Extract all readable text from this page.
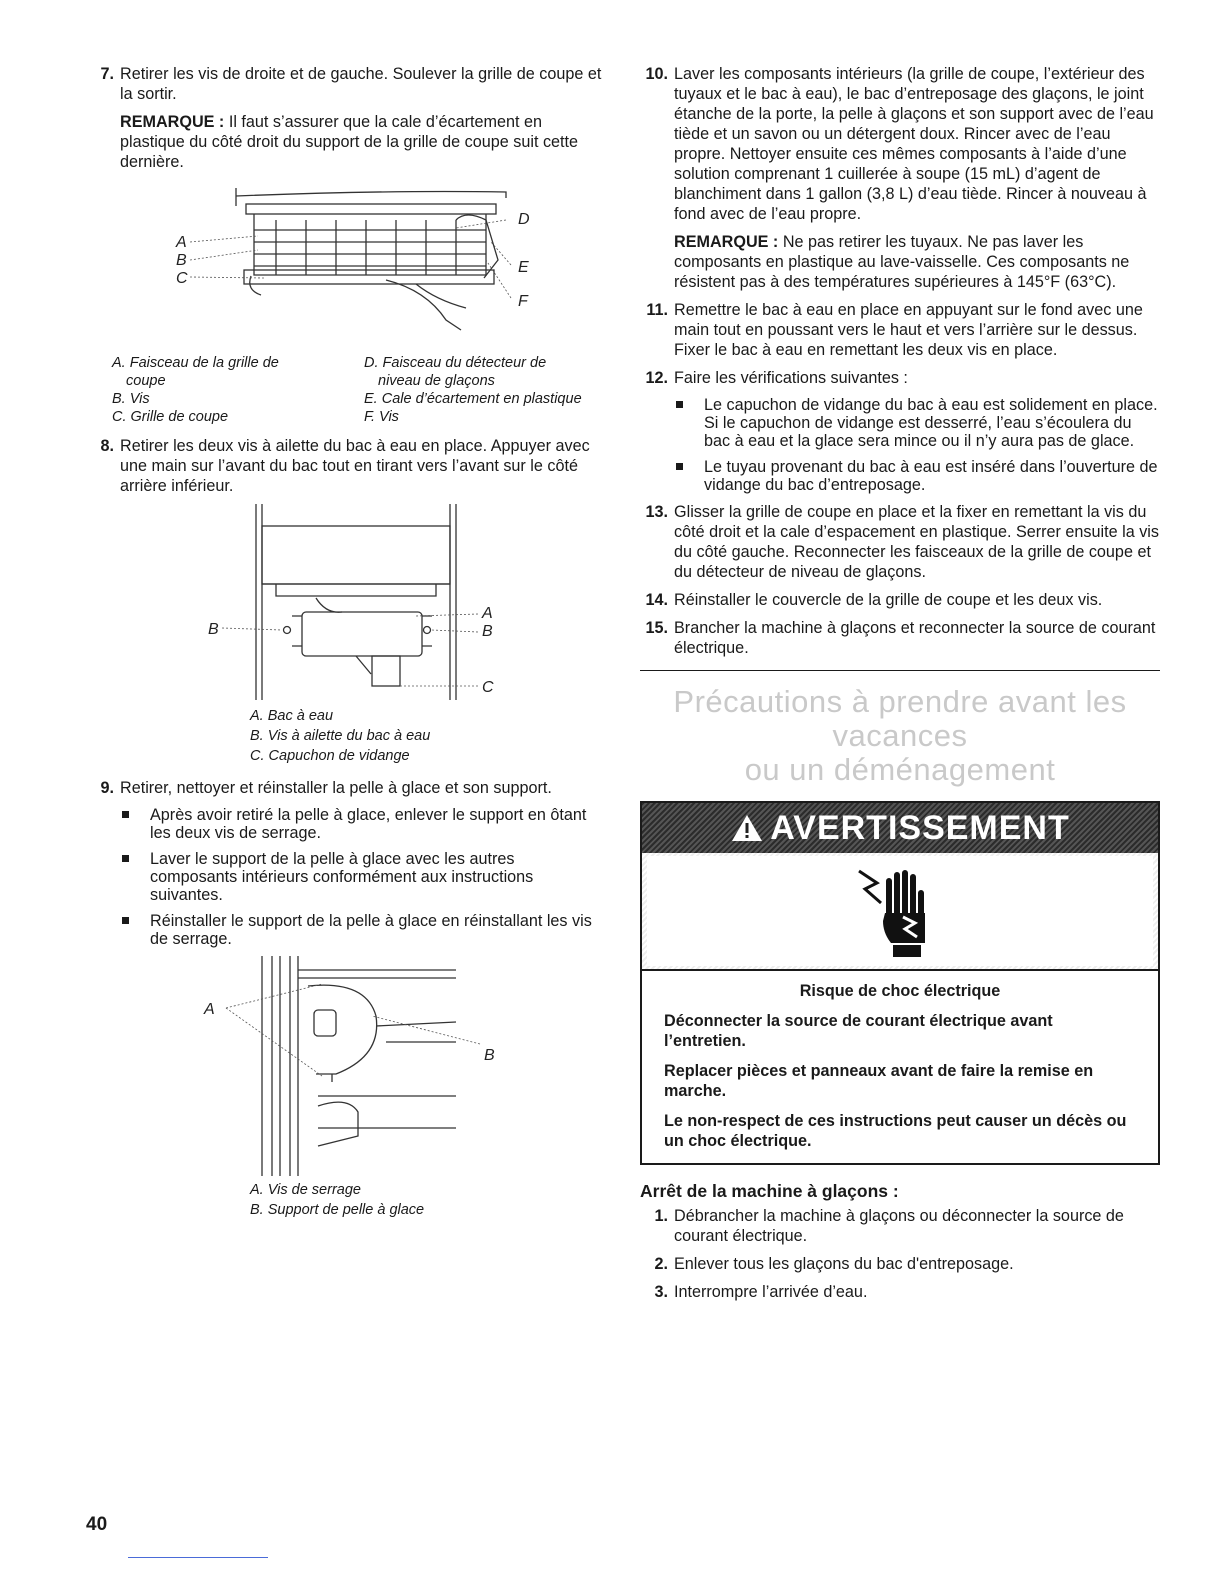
7. Retirer les vis de droite et de gauche. Soulever la grille de coupe et la sortir.

REMARQUE : Il faut s’assurer que la cale d’écartement en plastique du côté droit du support de la grille de coupe suit cette dernière.

A
B
C
D
E
F
A. Faisceau de la grille de
coupe
D. Faisceau du détecteur de
niveau de glaçons
B. Vis	E. Cale d’écartement en plastique
C. Grille de coupe	F. Vis
8. Retirer les deux vis à ailette du bac à eau en place. Appuyer avec une main sur l’avant du bac tout en tirant vers l’avant sur le côté arrière inférieur.
B
A
B
C
A. Bac à eau
B. Vis à ailette du bac à eau
C. Capuchon de vidange
9. Retirer, nettoyer et réinstaller la pelle à glace et son support.
Après avoir retiré la pelle à glace, enlever le support en ôtant les deux vis de serrage.
Laver le support de la pelle à glace avec les autres composants intérieurs conformément aux instructions suivantes.
Réinstaller le support de la pelle à glace en réinstallant les vis de serrage.
A
B
A. Vis de serrage
B. Support de pelle à glace
10. Laver les composants intérieurs (la grille de coupe, l’extérieur des tuyaux et le bac à eau), le bac d’entreposage des glaçons, le joint étanche de la porte, la pelle à glaçons et son support avec de l’eau tiède et un savon ou un détergent doux. Rincer avec de l’eau propre. Nettoyer ensuite ces mêmes composants à l’aide d’une solution comprenant 1 cuillerée à soupe (15 mL) d’agent de blanchiment dans 1 gallon (3,8 L) d’eau tiède. Rincer à nouveau à fond avec de l’eau propre.

REMARQUE : Ne pas retirer les tuyaux. Ne pas laver les composants en plastique au lave-vaisselle. Ces composants ne résistent pas à des températures supérieures à 145°F (63°C).

11. Remettre le bac à eau en place en appuyant sur le fond avec une main tout en poussant vers le haut et vers l’arrière sur le dessus. Fixer le bac à eau en remettant les deux vis en place.
12. Faire les vérifications suivantes :
Le capuchon de vidange du bac à eau est solidement en place. Si le capuchon de vidange est desserré, l’eau s’écoulera du bac à eau et la glace sera mince ou il n’y aura pas de glace.
Le tuyau provenant du bac à eau est inséré dans l’ouverture de vidange du bac d’entreposage.
13. Glisser la grille de coupe en place et la fixer en remettant la vis du côté droit et la cale d’espacement en plastique. Serrer ensuite la vis du côté gauche. Reconnecter les faisceaux de la grille de coupe et du détecteur de niveau de glaçons.
14. Réinstaller le couvercle de la grille de coupe et les deux vis.
15. Brancher la machine à glaçons et reconnecter la source de courant électrique.
Précautions à prendre avant les vacances
ou un déménagement
AVERTISSEMENT
Risque de choc électrique

Déconnecter la source de courant électrique avant l’entretien.

Replacer pièces et panneaux avant de faire la remise en marche.

Le non-respect de ces instructions peut causer un décès ou un choc électrique.

Arrêt de la machine à glaçons :
1. Débrancher la machine à glaçons ou déconnecter la source de courant électrique.
2. Enlever tous les glaçons du bac d'entreposage.
3. Interrompre l’arrivée d’eau.
40
